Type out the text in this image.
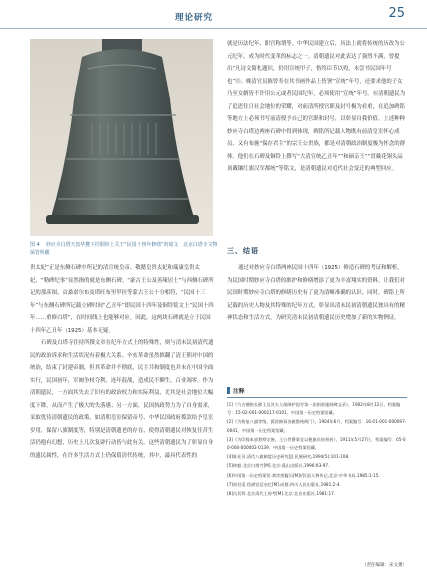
理论研究	25
图 4 　妙应寺白塔天盘华鬘下挂铜铃上关于“民国十四年修缮”的铭文　北京白塔寺文物保管所藏

贵太妃”正是东侧石碑中所记的清宣统皇帝、敬懿皇贵太妃和瑞康皇贵太妃，“勒碑纪事”显然指的就是东侧石碑。“豪古王公及善缘居士”与西侧石碑所记的那彦图、贡桑诺尔布及塔旺布里甲拉等蒙古王公十分相符，“民国十三年”与东侧石碑所记载立碑时间“乙丑年”即民国十四年及铜铃铭文上“民国十四年……重修白塔”，在时间线上也能够对应。因此，这两块石碑就是立于民国十四年乙丑年（1925）基本无疑。

石碑及白塔寺住持所撰文章在纪年方式上的特殊性，则与清末民初清代遗民的政治诉求和生活状况有着极大关系。辛亥革命虽然推翻了清王朝对中国的统治，结束了封建帝制，但其革命并不彻底，民主共和制度也并未在中国全面实行，民国初年，军阀争权夺利，连年混战，造成民不聊生，百业凋零。作为清朝遗民，一方面其失去了旧有的政治权力和实际利益，尤其是社会地位大幅度下降，从而产生了极大的失落感；另一方面，民国执政势力为了自身需求，采取优待清朝遗民的政策，如清朝皇室保留帝号、中华民国政府拨款给予皇室岁用，保留八旗制度等，特别是清朝遗老的存在，使得清朝遗民对恢复往昔生活仍抱有幻想，历史上几次复辟行动皆与此有关。这些清朝遗民为了彰显自身的遗民属性，在许多生活方式上仍保留清代传统，其中，最具代表性的

就是历法纪年、职官称谓等。中华民国建立后，历法上就将传统的历改为公元纪年，成为时代变革的标志之一。清朝遗民对此表达了强烈不满，曾提出“凡诗文简札题识，仍用宣统甲子，恪终臣节以殁，未尝书民国年号也”⑮。晚清官员陈曾寿在其书画作品上皆署“宣统”年号，还要求他的子女乃至女婿皆不许用公元或者民国纪年，必须使用“宣统”年号。⑯清朝遗民为了追思往日社会地位的荣耀，对前清所授官职及封号极为看重，在追加碑铭等地方上必须书写前清授予自己的官职和封号，以彰显自我价值。上述种种妙应寺白塔边两座石碑中得到体现，碑铭所记载人物既有前清皇室怀心成员，又有布施“保存君主”的宗王公贵族，都是对清朝政治制度极为怀念的群体。他们在石碑及铜铃上撰写“大清宣统乙丑年”“和硕亲王”“贯戴花翎头品顶戴镶红旗汉军都统”等铭文，是清朝遗民对近代社会变迁的典型回应。

三、结语

通过对妙应寺白塔两座民国十四年（1925）修造石碑的考证和解析，为民国时期妙应寺白塔的维护和修缮增添了更为丰富翔实的资料，让我们对民国时期妙应寺白塔的修缮历史有了更为清晰准确的认识。同时，碑铭上所记载的历史人物及其特殊的纪年方式，彰显出清末民初清朝遗民独具有的精神状态和生活方式，为研究清末民初清朝遗民历史增加了新的实物例证。

注释
[1]《乃吉德格长郡王及其夫人保障护国寺第一次捐款施财碑文录》，1902年8月12日，档案编号：15-02-001-000217-0101，中国第一历史档案馆藏。
[2]《为恢复八旗等级，拨款修葺各旗都统衙门》，1904年6月，档案编号：16-01-001-000097-0041，中国第一历史档案馆藏。
[3]《为印铸本部督察宗族、王公世爵事宜以便旗员的奏折》，1911年5月27日，档案编号：05-00-000-000002-0139，中国第一历史档案馆藏。
[4]陈亚贝.清代八旗制度历史研究[J].民族研究,1994(5):101-108.
[5]林毅.北京白塔寺[M].北京:燕山出版社,1996:93-97.
[6]中国第一历史档案馆.那彦图履历[M]//民国人物传记,北京:中华书局,1985:1-15.
[7]周君适.伪满宫廷杂忆[M].成都:四川人民出版社,1981:2-4.
[8]冯其利.北京清代王府考[M].北京:北京出版社,1981:17.
（责任编辑：宋文薰）
